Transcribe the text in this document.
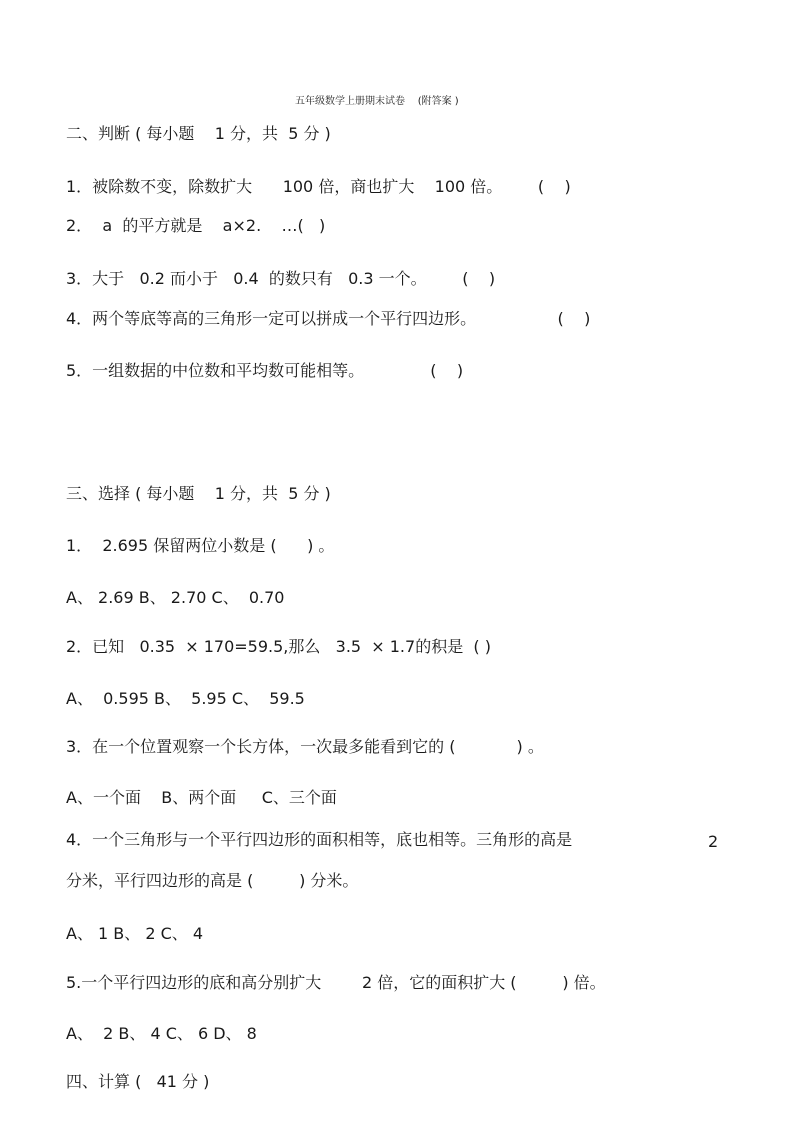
五年级数学上册期末试卷    (附答案 )
二、判断 ( 每小题    1 分，共  5 分 )
1．被除数不变，除数扩大      100 倍，商也扩大    100 倍。       (    )
2．  a  的平方就是    a×2.    …(   )
3．大于   0.2 而小于   0.4  的数只有   0.3 一个。       (    )
4．两个等底等高的三角形一定可以拼成一个平行四边形。                (    )
5．一组数据的中位数和平均数可能相等。             (    )
三、选择 ( 每小题    1 分，共  5 分 )
1．  2.695 保留两位小数是 (      ) 。
A、 2.69 B、 2.70 C、  0.70
2．已知   0.35  × 170=59.5,那么   3.5  × 1.7的积是  ( )
A、  0.595 B、  5.95 C、  59.5
3．在一个位置观察一个长方体，一次最多能看到它的 (            ) 。
A、一个面    B、两个面     C、三个面
4．一个三角形与一个平行四边形的面积相等，底也相等。三角形的高是	2
分米，平行四边形的高是 (         ) 分米。
A、 1 B、 2 C、 4
5.一个平行四边形的底和高分别扩大        2 倍，它的面积扩大 (         ) 倍。
A、  2 B、 4 C、 6 D、 8
四、计算 (   41 分 )
